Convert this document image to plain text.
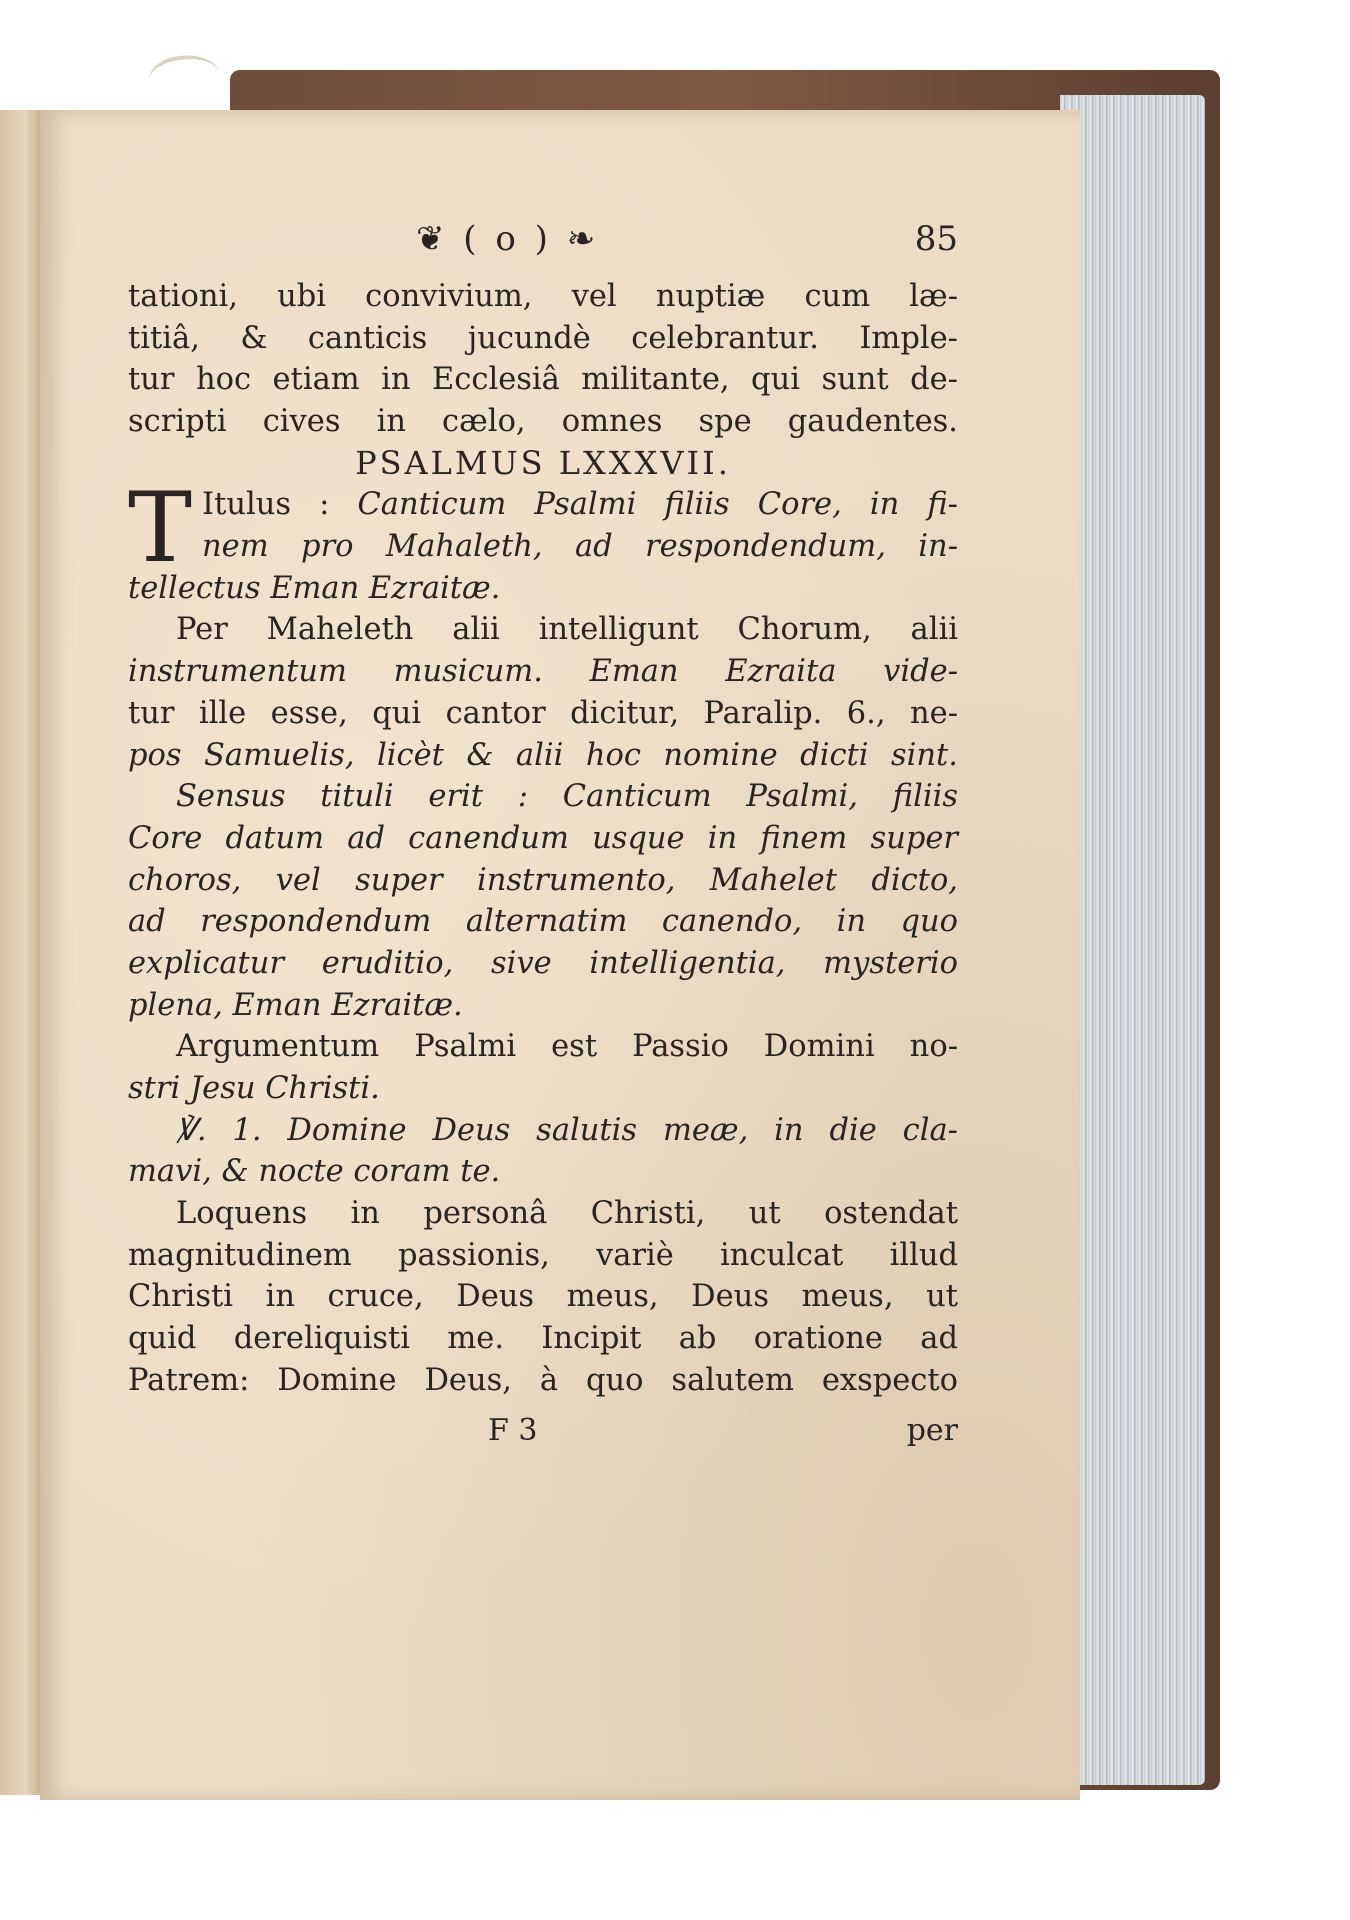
❦ ( o ) ❧	85
tationi, ubi convivium, vel nuptiæ cum læ-
titiâ, & canticis jucundè celebrantur. Imple-
tur hoc etiam in Ecclesiâ militante, qui sunt de-
scripti cives in cælo, omnes spe gaudentes.
PSALMUS LXXXVII.
T Itulus : Canticum Psalmi filiis Core, in fi-
nem pro Mahaleth, ad respondendum, in-
tellectus Eman Ezraitæ.
Per Maheleth alii intelligunt Chorum, alii
instrumentum musicum. Eman Ezraita vide-
tur ille esse, qui cantor dicitur, Paralip. 6., ne-
pos Samuelis, licèt & alii hoc nomine dicti sint.
Sensus tituli erit : Canticum Psalmi, filiis
Core datum ad canendum usque in finem super
choros, vel super instrumento, Mahelet dicto,
ad respondendum alternatim canendo, in quo
explicatur eruditio, sive intelligentia, mysterio
plena, Eman Ezraitæ.
Argumentum Psalmi est Passio Domini no-
stri Jesu Christi.
℣. 1. Domine Deus salutis meæ, in die cla-
mavi, & nocte coram te.
Loquens in personâ Christi, ut ostendat
magnitudinem passionis, variè inculcat illud
Christi in cruce, Deus meus, Deus meus, ut
quid dereliquisti me. Incipit ab oratione ad
Patrem: Domine Deus, à quo salutem exspecto
F 3	per
